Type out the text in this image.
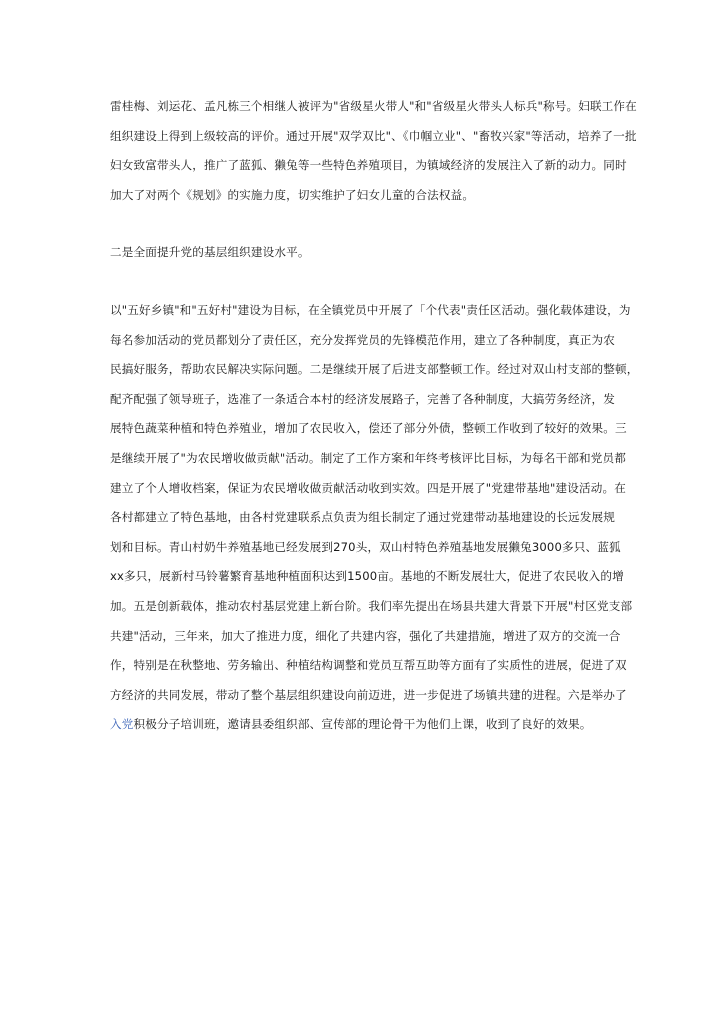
雷桂梅、刘运花、孟凡栋三个相继人被评为"省级星火带人"和"省级星火带头人标兵"称号。妇联工作在
组织建设上得到上级较高的评价。通过开展"双学双比"、《巾帼立业"、"畜牧兴家"等活动，培养了一批
妇女致富带头人，推广了蓝狐、獭兔等一些特色养殖项目，为镇域经济的发展注入了新的动力。同时
加大了对两个《规划》的实施力度，切实维护了妇女儿童的合法权益。
二是全面提升党的基层组织建设水平。
以"五好乡镇"和"五好村"建设为目标，在全镇党员中开展了「个代表"责任区活动。强化载体建设，为
每名参加活动的党员都划分了责任区，充分发挥党员的先锋模范作用，建立了各种制度，真正为农
民搞好服务，帮助农民解决实际问题。二是继续开展了后进支部整顿工作。经过对双山村支部的整顿，
配齐配强了领导班子，选准了一条适合本村的经济发展路子，完善了各种制度，大搞劳务经济，发
展特色蔬菜种植和特色养殖业，增加了农民收入，偿还了部分外债，整顿工作收到了较好的效果。三
是继续开展了"为农民增收做贡献"活动。制定了工作方案和年终考核评比目标，为每名干部和党员都
建立了个人增收档案，保证为农民增收做贡献活动收到实效。四是开展了"党建带基地"建设活动。在
各村都建立了特色基地，由各村党建联系点负责为组长制定了通过党建带动基地建设的长远发展规
划和目标。青山村奶牛养殖基地已经发展到270头，双山村特色养殖基地发展獭兔3000多只、蓝狐
xx多只，展新村马铃薯繁育基地种植面积达到1500亩。基地的不断发展壮大，促进了农民收入的增
加。五是创新载体，推动农村基层党建上新台阶。我们率先提出在场县共建大背景下开展"村区党支部
共建"活动，三年来，加大了推进力度，细化了共建内容，强化了共建措施，增进了双方的交流一合
作，特别是在秋整地、劳务输出、种植结构调整和党员互帮互助等方面有了实质性的进展，促进了双
方经济的共同发展，带动了整个基层组织建设向前迈进，进一步促进了场镇共建的进程。六是举办了
入党积极分子培训班，邀请县委组织部、宣传部的理论骨干为他们上课，收到了良好的效果。
